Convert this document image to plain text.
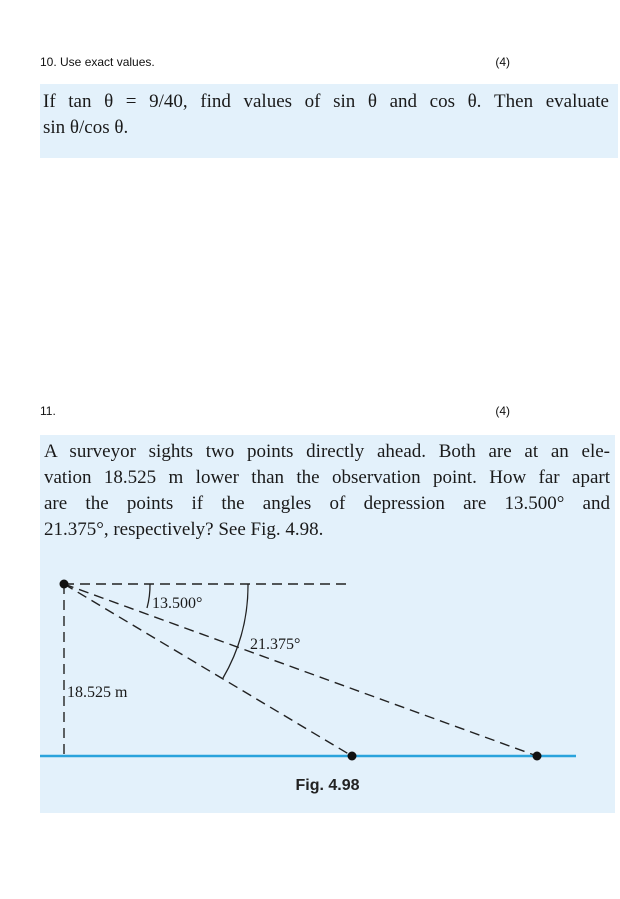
10. Use exact values.	(4)

If tan θ = 9/40, find values of sin θ and cos θ. Then evaluate
sin θ/cos θ.

11.	(4)

A surveyor sights two points directly ahead. Both are at an ele-
vation 18.525 m lower than the observation point. How far apart
are the points if the angles of depression are 13.500° and
21.375°, respectively? See Fig. 4.98.

13.500°
21.375°
18.525 m
Fig. 4.98
